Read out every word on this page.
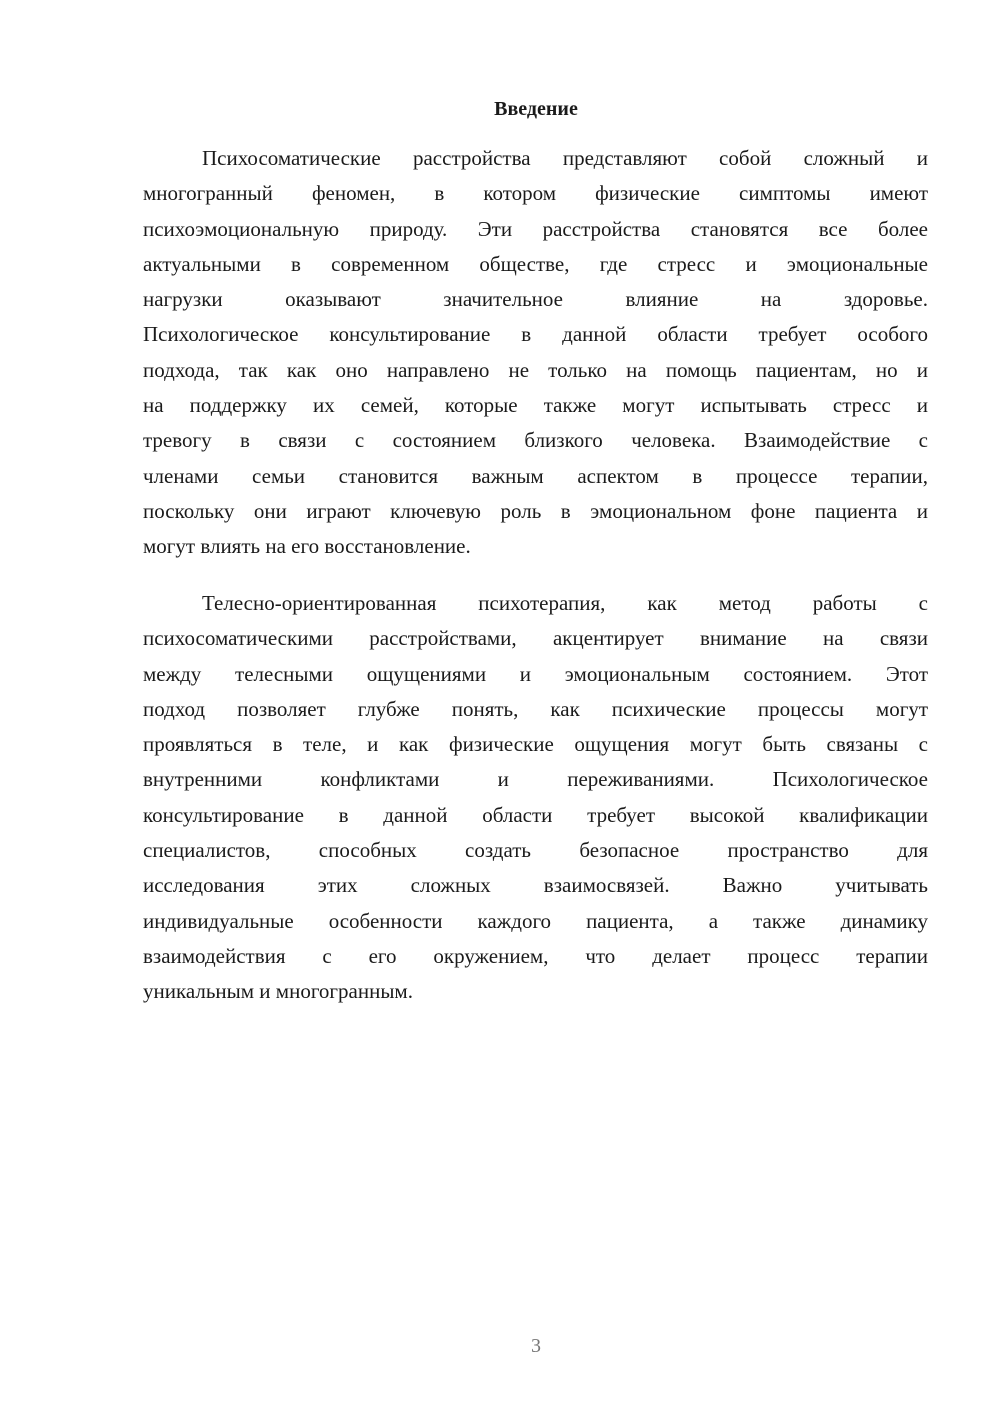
Введение
Психосоматические расстройства представляют собой сложный и
многогранный феномен, в котором физические симптомы имеют
психоэмоциональную природу. Эти расстройства становятся все более
актуальными в современном обществе, где стресс и эмоциональные
нагрузки оказывают значительное влияние на здоровье.
Психологическое консультирование в данной области требует особого
подхода, так как оно направлено не только на помощь пациентам, но и
на поддержку их семей, которые также могут испытывать стресс и
тревогу в связи с состоянием близкого человека. Взаимодействие с
членами семьи становится важным аспектом в процессе терапии,
поскольку они играют ключевую роль в эмоциональном фоне пациента и
могут влиять на его восстановление.
Телесно-ориентированная психотерапия, как метод работы с
психосоматическими расстройствами, акцентирует внимание на связи
между телесными ощущениями и эмоциональным состоянием. Этот
подход позволяет глубже понять, как психические процессы могут
проявляться в теле, и как физические ощущения могут быть связаны с
внутренними конфликтами и переживаниями. Психологическое
консультирование в данной области требует высокой квалификации
специалистов, способных создать безопасное пространство для
исследования этих сложных взаимосвязей. Важно учитывать
индивидуальные особенности каждого пациента, а также динамику
взаимодействия с его окружением, что делает процесс терапии
уникальным и многогранным.
3
